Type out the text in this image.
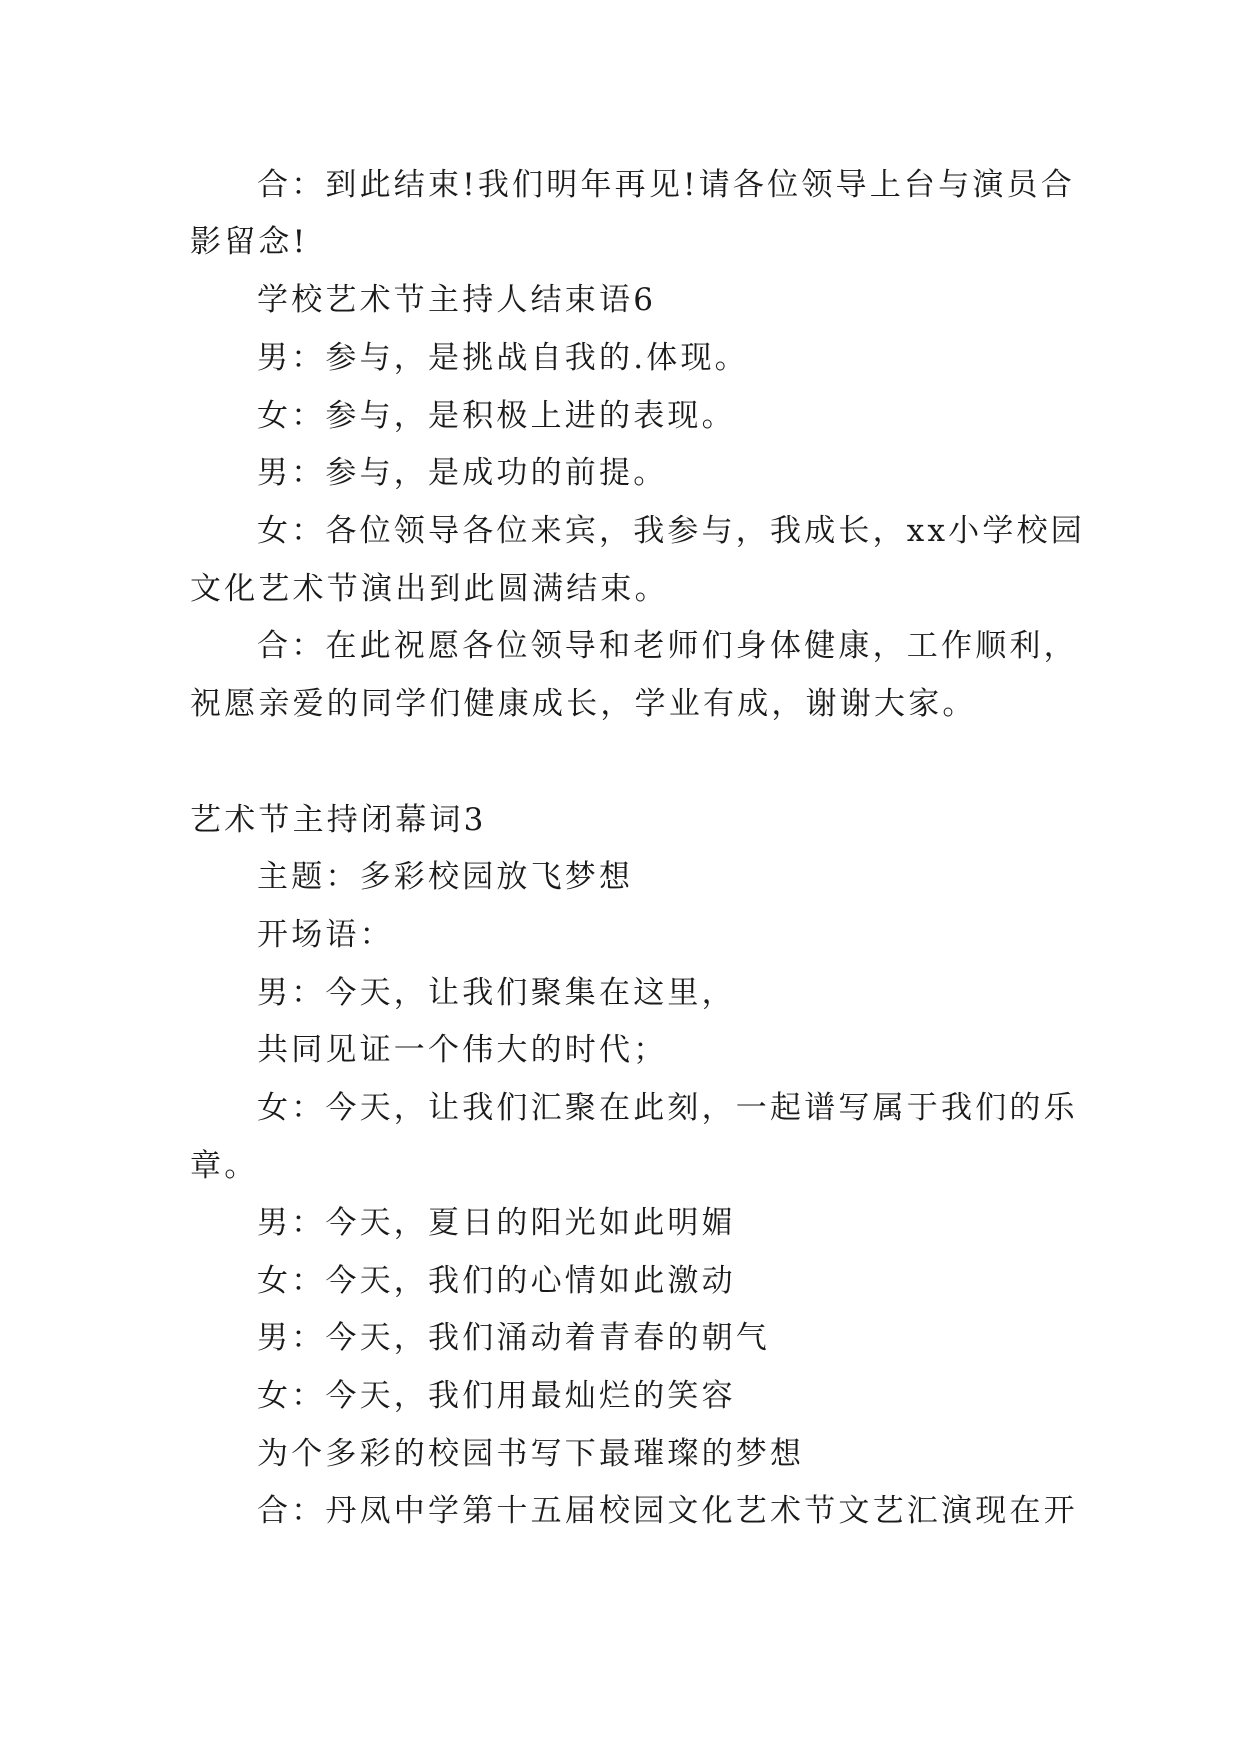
合：到此结束!我们明年再见!请各位领导上台与演员合

影留念!

学校艺术节主持人结束语6

男：参与，是挑战自我的.体现。

女：参与，是积极上进的表现。

男：参与，是成功的前提。

女：各位领导各位来宾，我参与，我成长，xx小学校园

文化艺术节演出到此圆满结束。

合：在此祝愿各位领导和老师们身体健康，工作顺利，

祝愿亲爱的同学们健康成长，学业有成，谢谢大家。

艺术节主持闭幕词3

主题：多彩校园放飞梦想

开场语：

男：今天，让我们聚集在这里，

共同见证一个伟大的时代；

女：今天，让我们汇聚在此刻，一起谱写属于我们的乐

章。

男：今天，夏日的阳光如此明媚

女：今天，我们的心情如此激动

男：今天，我们涌动着青春的朝气

女：今天，我们用最灿烂的笑容

为个多彩的校园书写下最璀璨的梦想

合：丹凤中学第十五届校园文化艺术节文艺汇演现在开
